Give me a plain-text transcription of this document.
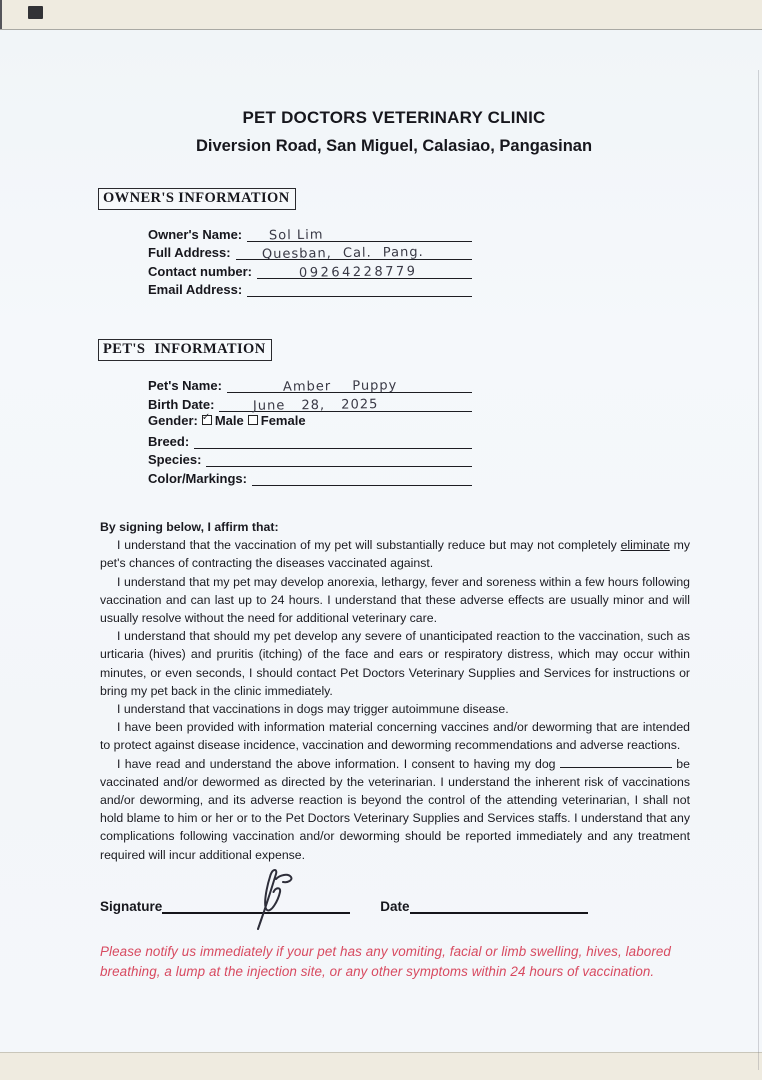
PET DOCTORS VETERINARY CLINIC
Diversion Road, San Miguel, Calasiao, Pangasinan
OWNER'S INFORMATION
Owner's Name:	Sol Lim
Full Address:	Quesban, Cal. Pang.
Contact number:	09264228779
Email Address:
PET'S INFORMATION
Pet's Name:	Amber Puppy
Birth Date:	June 28, 2025
Gender: ✓ Male Female
Breed:
Species:
Color/Markings:
By signing below, I affirm that:

I understand that the vaccination of my pet will substantially reduce but may not completely eliminate my pet's chances of contracting the diseases vaccinated against.

I understand that my pet may develop anorexia, lethargy, fever and soreness within a few hours following vaccination and can last up to 24 hours. I understand that these adverse effects are usually minor and will usually resolve without the need for additional veterinary care.

I understand that should my pet develop any severe of unanticipated reaction to the vaccination, such as urticaria (hives) and pruritis (itching) of the face and ears or respiratory distress, which may occur within minutes, or even seconds, I should contact Pet Doctors Veterinary Supplies and Services for instructions or bring my pet back in the clinic immediately.

I understand that vaccinations in dogs may trigger autoimmune disease.

I have been provided with information material concerning vaccines and/or deworming that are intended to protect against disease incidence, vaccination and deworming recommendations and adverse reactions.

I have read and understand the above information. I consent to having my dog	be vaccinated and/or dewormed as directed by the veterinarian. I understand the inherent risk of vaccinations and/or deworming, and its adverse reaction is beyond the control of the attending veterinarian, I shall not hold blame to him or her or to the Pet Doctors Veterinary Supplies and Services staffs. I understand that any complications following vaccination and/or deworming should be reported immediately and any treatment required will incur additional expense.

Signature	Date
Please notify us immediately if your pet has any vomiting, facial or limb swelling, hives, labored breathing, a lump at the injection site, or any other symptoms within 24 hours of vaccination.
